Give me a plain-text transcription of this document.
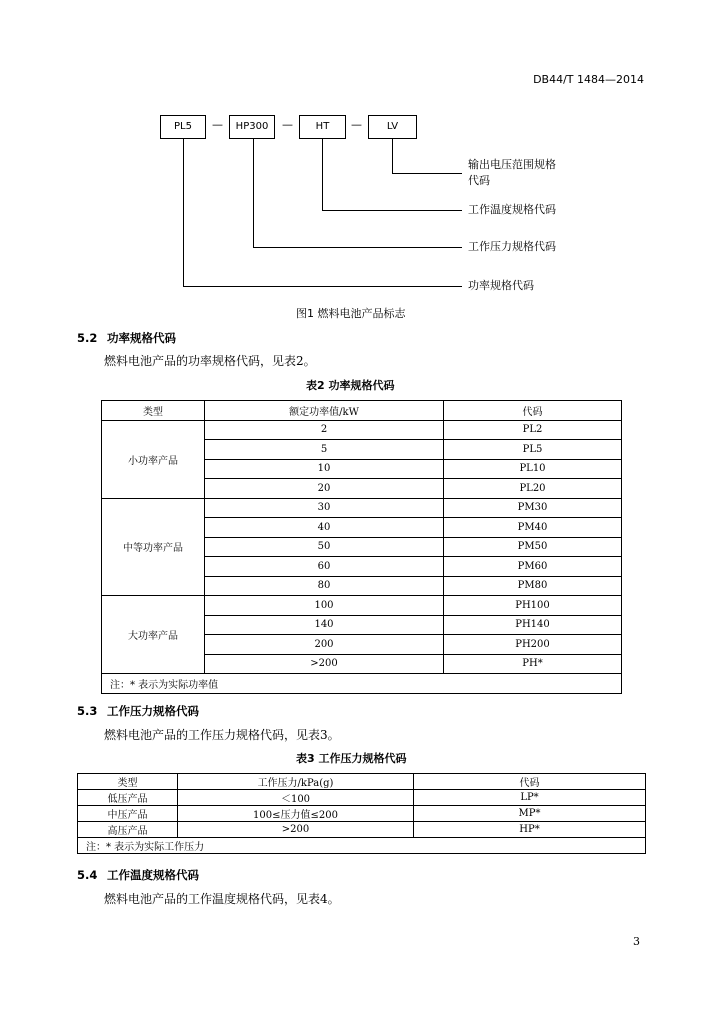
DB44/T 1484—2014
PL5	—	HP300	—	HT	—	LV
输出电压范围规格
代码
工作温度规格代码
工作压力规格代码
功率规格代码
图1 燃料电池产品标志
5.2 功率规格代码
燃料电池产品的功率规格代码，见表2。
表2 功率规格代码
类型	额定功率值/kW	代码
小功率产品	2	PL2
	5	PL5
	10	PL10
	20	PL20
中等功率产品	30	PM30
	40	PM40
	50	PM50
	60	PM60
	80	PM80
大功率产品	100	PH100
	140	PH140
	200	PH200
	>200	PH*
注：* 表示为实际功率值		
5.3 工作压力规格代码
燃料电池产品的工作压力规格代码，见表3。
表3 工作压力规格代码
类型	工作压力/kPa(g)	代码
低压产品	＜100	LP*
中压产品	100≤压力值≤200	MP*
高压产品	>200	HP*
注：* 表示为实际工作压力		
5.4 工作温度规格代码
燃料电池产品的工作温度规格代码，见表4。
3
